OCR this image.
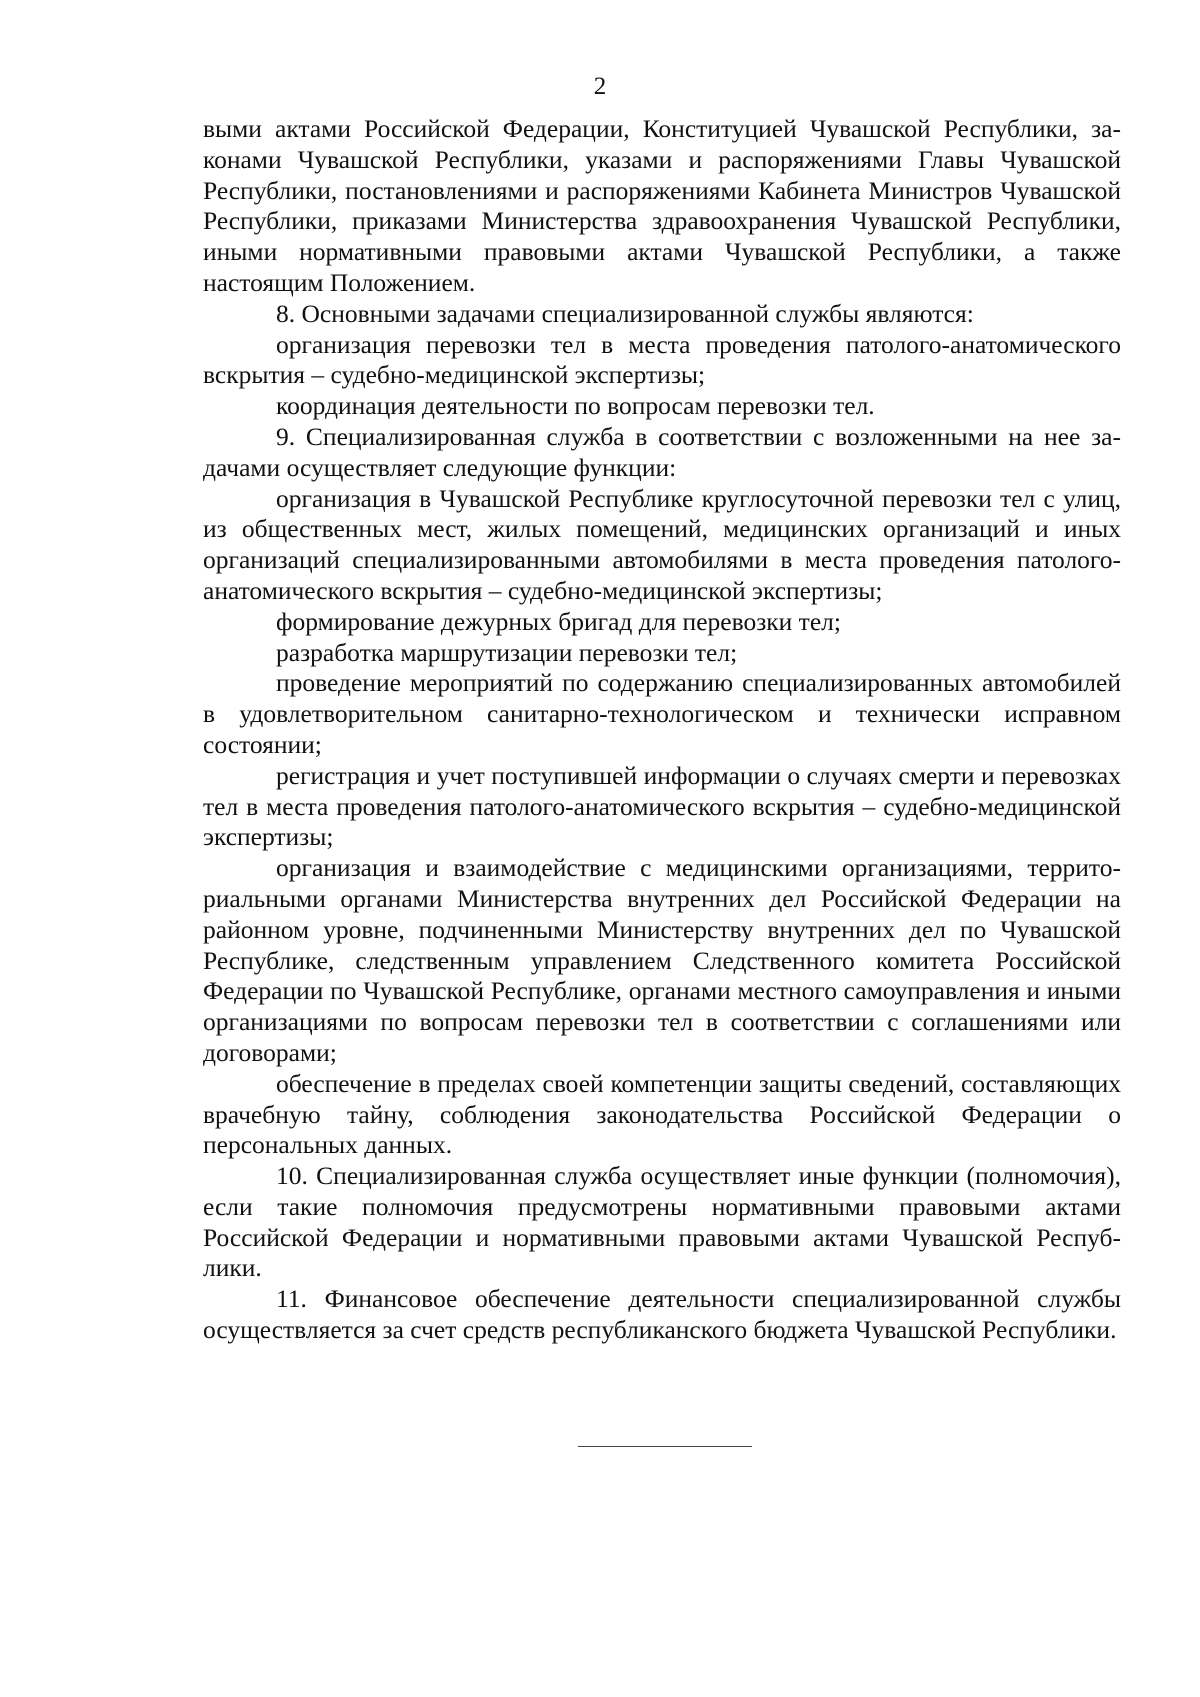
2

выми актами Российской Федерации, Конституцией Чувашской Республики, законами Чувашской Республики, указами и распоряжениями Главы Чувашской Республики, постановлениями и распоряжениями Кабинета Министров Чувашской Республики, приказами Министерства здравоохранения Чувашской Республики, иными нормативными правовыми актами Чувашской Республики, а также настоящим Положением.

8. Основными задачами специализированной службы являются:

организация перевозки тел в места проведения патолого-анатомического вскрытия – судебно-медицинской экспертизы;

координация деятельности по вопросам перевозки тел.

9. Специализированная служба в соответствии с возложенными на нее задачами осуществляет следующие функции:

организация в Чувашской Республике круглосуточной перевозки тел с улиц, из общественных мест, жилых помещений, медицинских организаций и иных организаций специализированными автомобилями в места проведения патолого-анатомического вскрытия – судебно-медицинской экспертизы;

формирование дежурных бригад для перевозки тел;

разработка маршрутизации перевозки тел;

проведение мероприятий по содержанию специализированных автомобилей в удовлетворительном санитарно-технологическом и технически исправном состоянии;

регистрация и учет поступившей информации о случаях смерти и перевозках тел в места проведения патолого-анатомического вскрытия – судебно-медицинской экспертизы;

организация и взаимодействие с медицинскими организациями, территориальными органами Министерства внутренних дел Российской Федерации на районном уровне, подчиненными Министерству внутренних дел по Чувашской Республике, следственным управлением Следственного комитета Российской Федерации по Чувашской Республике, органами местного самоуправления и иными организациями по вопросам перевозки тел в соответствии с соглашениями или договорами;

обеспечение в пределах своей компетенции защиты сведений, составляющих врачебную тайну, соблюдения законодательства Российской Федерации о персональных данных.

10. Специализированная служба осуществляет иные функции (полномочия), если такие полномочия предусмотрены нормативными правовыми актами Российской Федерации и нормативными правовыми актами Чувашской Республики.

11. Финансовое обеспечение деятельности специализированной службы осуществляется за счет средств республиканского бюджета Чувашской Республики.
